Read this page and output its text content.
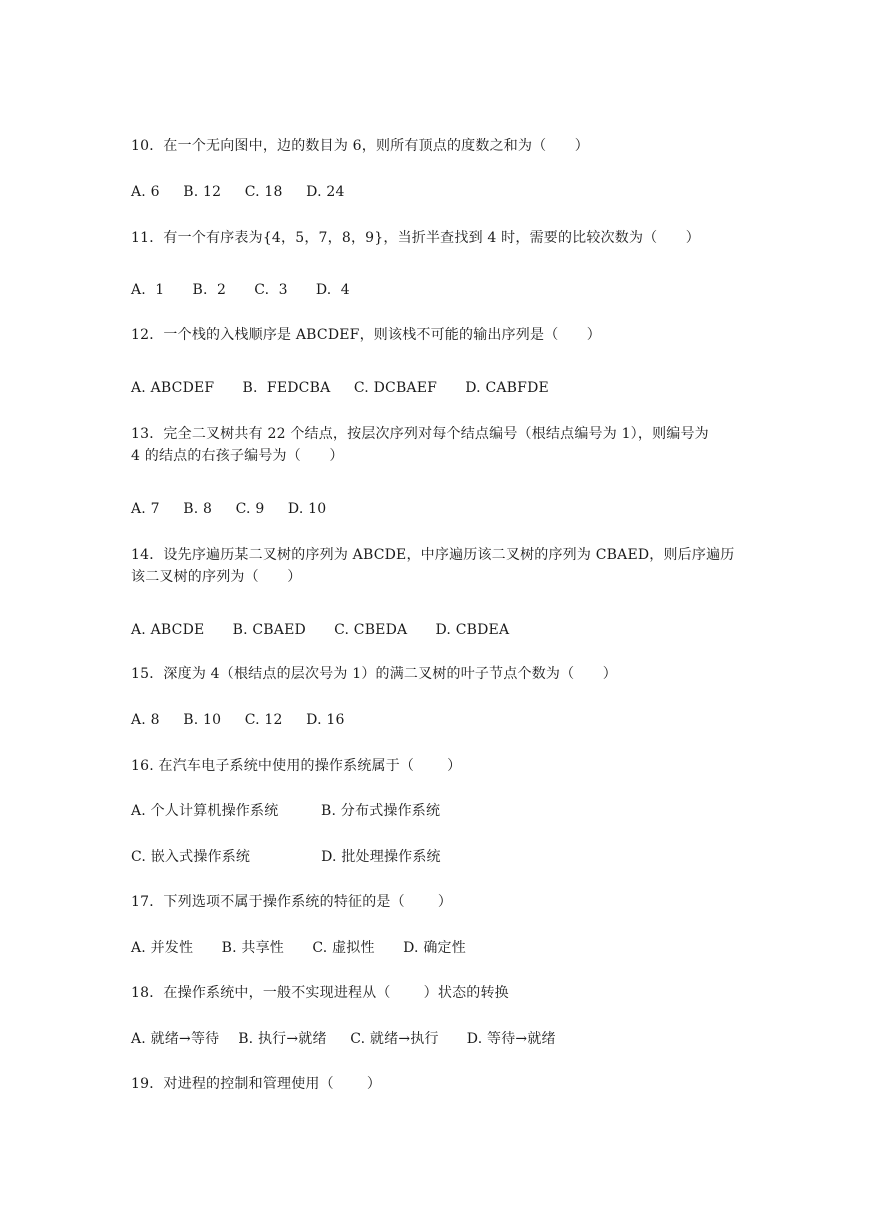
10．在一个无向图中，边的数目为 6，则所有顶点的度数之和为（　　）
A. 6　  B. 12　  C. 18　  D. 24
11．有一个有序表为{4，5，7，8，9}，当折半查找到 4 时，需要的比较次数为（　　）
A.  1　   B.  2　   C.  3　   D.  4
12．一个栈的入栈顺序是 ABCDEF，则该栈不可能的输出序列是（　　）
A. ABCDEF　   B.  FEDCBA　  C. DCBAEF　   D. CABFDE
13．完全二叉树共有 22 个结点，按层次序列对每个结点编号（根结点编号为 1），则编号为
4 的结点的右孩子编号为（　　）
A. 7　  B. 8　  C. 9　  D. 10
14．设先序遍历某二叉树的序列为 ABCDE，中序遍历该二叉树的序列为 CBAED，则后序遍历
该二叉树的序列为（　　）
A. ABCDE　   B. CBAED　   C. CBEDA　   D. CBDEA
15．深度为 4（根结点的层次号为 1）的满二叉树的叶子节点个数为（　　）
A. 8　  B. 10　  C. 12　  D. 16
16. 在汽车电子系统中使用的操作系统属于（　　 ）
A. 个人计算机操作系统　　　B. 分布式操作系统
C. 嵌入式操作系统　　　　　D. 批处理操作系统
17．下列选项不属于操作系统的特征的是（　　 ）
A. 并发性　　B. 共享性　　C. 虚拟性　　D. 确定性
18．在操作系统中，一般不实现进程从（　　 ）状态的转换
A. 就绪→等待　 B. 执行→就绪　  C. 就绪→执行　   D. 等待→就绪
19．对进程的控制和管理使用（　　 ）
